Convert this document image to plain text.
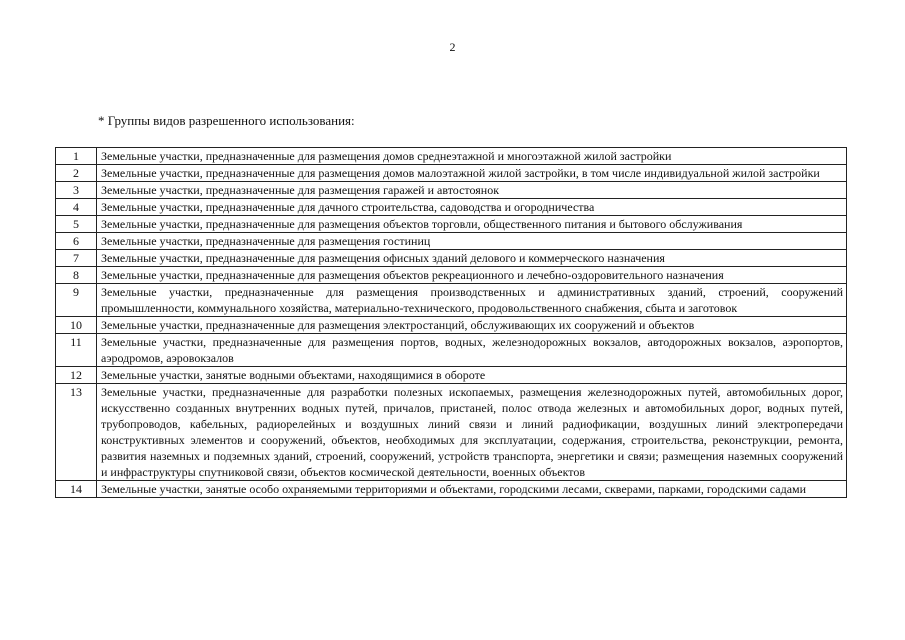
2
* Группы видов разрешенного использования:
1	Земельные участки, предназначенные для размещения домов среднеэтажной и многоэтажной жилой застройки
2	Земельные участки, предназначенные для размещения домов малоэтажной жилой застройки, в том числе индивидуальной жилой застройки
3	Земельные участки, предназначенные для размещения гаражей и автостоянок
4	Земельные участки, предназначенные для дачного строительства, садоводства и огородничества
5	Земельные участки, предназначенные для размещения объектов торговли, общественного питания и бытового обслуживания
6	Земельные участки, предназначенные для размещения гостиниц
7	Земельные участки, предназначенные для размещения офисных зданий делового и коммерческого назначения
8	Земельные участки, предназначенные для размещения объектов рекреационного и лечебно-оздоровительного назначения
9	Земельные участки, предназначенные для размещения производственных и административных зданий, строений, сооружений промышленности, коммунального хозяйства, материально-технического, продовольственного снабжения, сбыта и заготовок
10	Земельные участки, предназначенные для размещения электростанций, обслуживающих их сооружений и объектов
11	Земельные участки, предназначенные для размещения портов, водных, железнодорожных вокзалов, автодорожных вокзалов, аэропортов, аэродромов, аэровокзалов
12	Земельные участки, занятые водными объектами, находящимися в обороте
13	Земельные участки, предназначенные для разработки полезных ископаемых, размещения железнодорожных путей, автомобильных дорог, искусственно созданных внутренних водных путей, причалов, пристаней, полос отвода железных и автомобильных дорог, водных путей, трубопроводов, кабельных, радиорелейных и воздушных линий связи и линий радиофикации, воздушных линий электропередачи конструктивных элементов и сооружений, объектов, необходимых для эксплуатации, содержания, строительства, реконструкции, ремонта, развития наземных и подземных зданий, строений, сооружений, устройств транспорта, энергетики и связи; размещения наземных сооружений и инфраструктуры спутниковой связи, объектов космической деятельности, военных объектов
14	Земельные участки, занятые особо охраняемыми территориями и объектами, городскими лесами, скверами, парками, городскими садами
